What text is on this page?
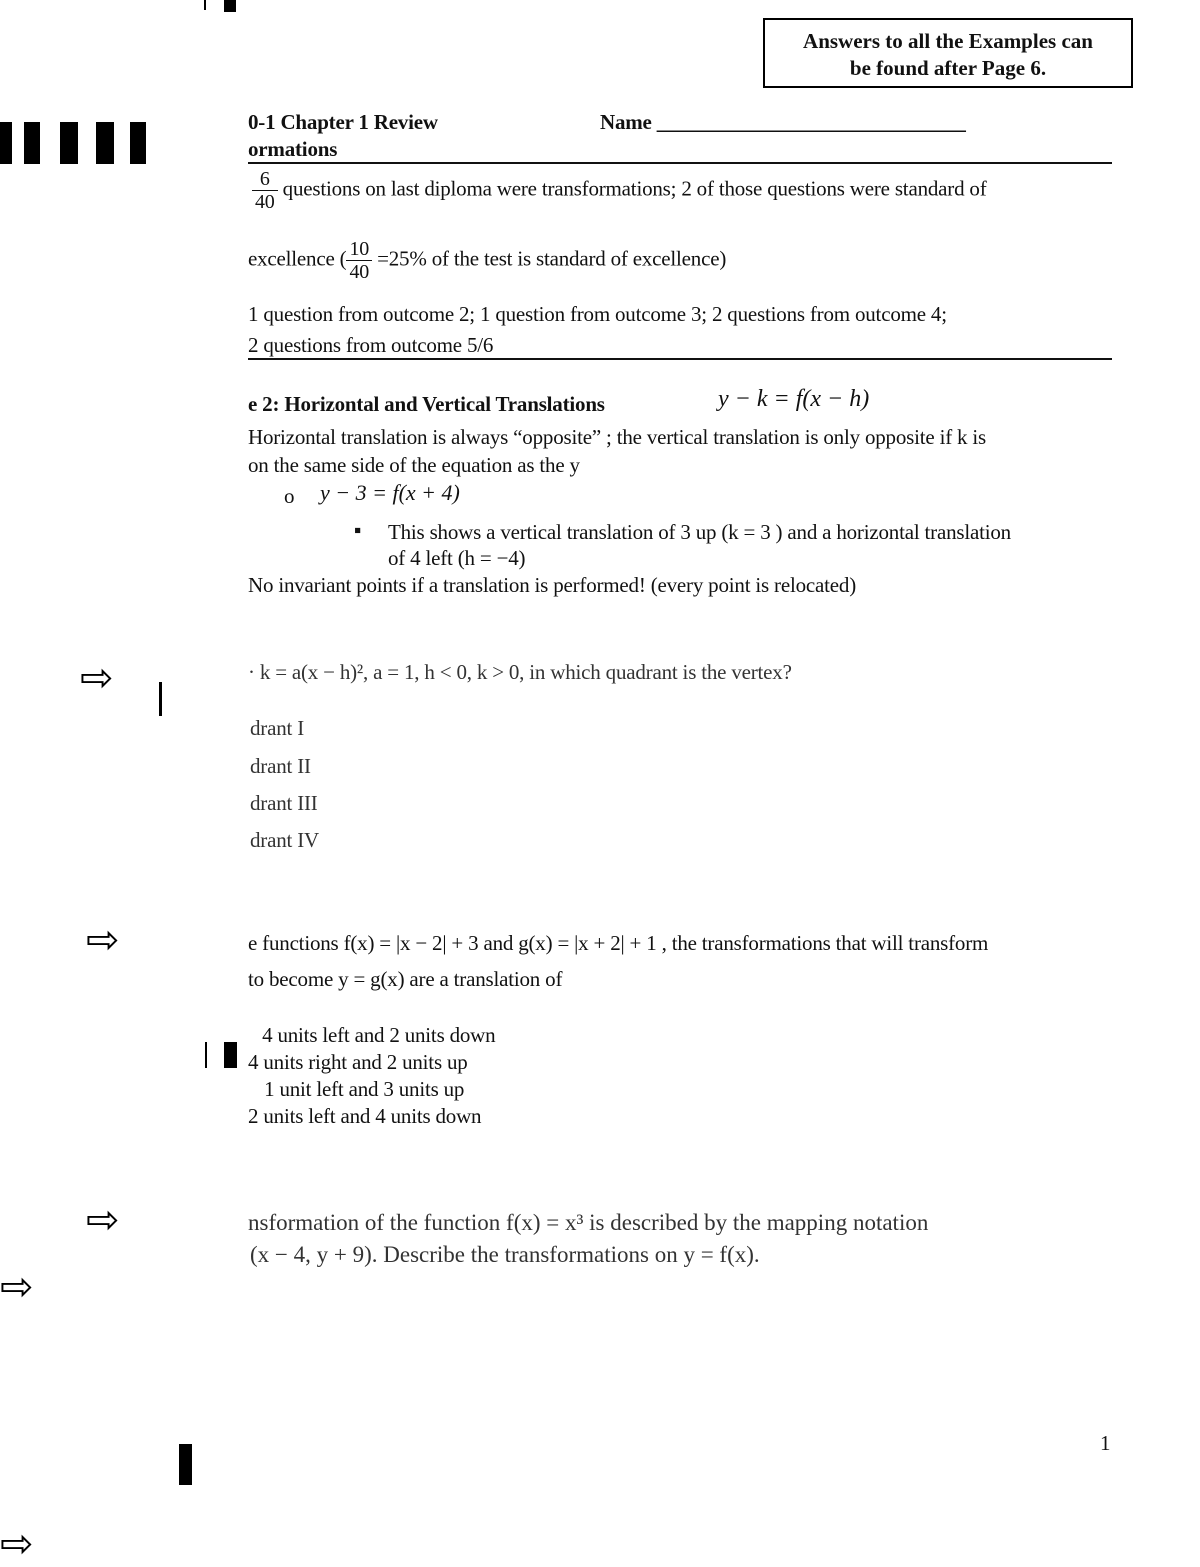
Answers to all the Examples can
be found after Page 6.
0-1 Chapter 1 Review
ormations
Name ______________________________
$\frac{6}{40}$ questions on last diploma were transformations; 2 of those questions were standard of
excellence ( $\frac{10}{40} =25\%$ of the test is standard of excellence)
1 question from outcome 2; 1 question from outcome 3; 2 questions from outcome 4;
2 questions from outcome 5/6
e 2: Horizontal and Vertical Translations	y − k = f(x − h)
Horizontal translation is always “opposite” ; the vertical translation is only opposite if k is
on the same side of the equation as the y
o y − 3 = f(x + 4)
▪ This shows a vertical translation of 3 up (k = 3 ) and a horizontal translation
of 4 left (h = −4)
No invariant points if a translation is performed! (every point is relocated)
⇨	· k = a(x − h)², a = 1, h < 0, k > 0, in which quadrant is the vertex?
drant I
drant II
drant III
drant IV
⇨	e functions f(x) = |x − 2| + 3 and g(x) = |x + 2| + 1 , the transformations that will transform
to become y = g(x) are a translation of
4 units left and 2 units down
4 units right and 2 units up
1 unit left and 3 units up
2 units left and 4 units down
⇨	nsformation of the function f(x) = x³ is described by the mapping notation
(x − 4, y + 9). Describe the transformations on y = f(x).
⇨
1
⇨
